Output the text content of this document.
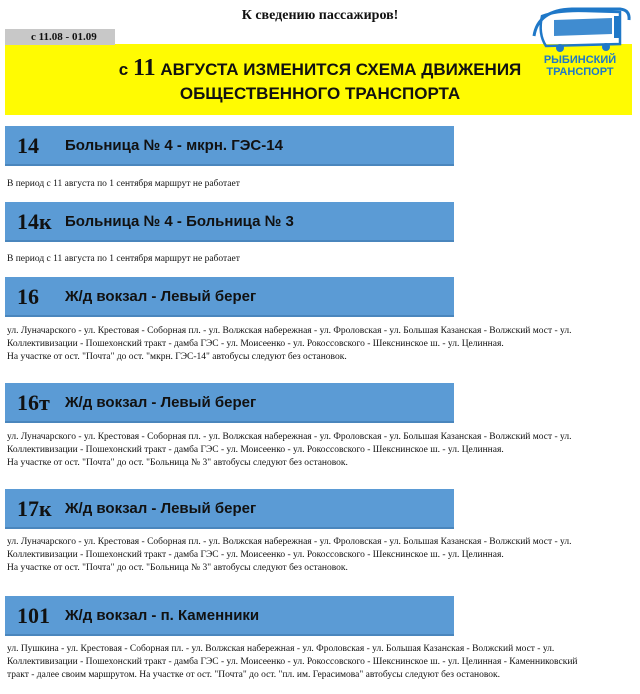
К сведению пассажиров!
с 11.08 - 01.09
с 11 АВГУСТА ИЗМЕНИТСЯ СХЕМА ДВИЖЕНИЯ
ОБЩЕСТВЕННОГО ТРАНСПОРТА
РЫБИНСКИЙ
ТРАНСПОРТ
14 Больница № 4 - мкрн. ГЭС-14
В период с 11 августа по 1 сентября маршрут не работает
14к Больница № 4 - Больница № 3
В период с 11 августа по 1 сентября маршрут не работает
16 Ж/д вокзал - Левый берег
ул. Луначарского - ул. Крестовая - Соборная пл. - ул. Волжская набережная - ул. Фроловская - ул. Большая Казанская - Волжский мост - ул.
Коллективизации - Пошехонский тракт - дамба ГЭС - ул. Моисеенко - ул. Рокоссовского - Шекснинское ш. - ул. Целинная.
На участке от ост. "Почта" до ост. "мкрн. ГЭС-14" автобусы следуют без остановок.
16т Ж/д вокзал - Левый берег
ул. Луначарского - ул. Крестовая - Соборная пл. - ул. Волжская набережная - ул. Фроловская - ул. Большая Казанская - Волжский мост - ул.
Коллективизации - Пошехонский тракт - дамба ГЭС - ул. Моисеенко - ул. Рокоссовского - Шекснинское ш. - ул. Целинная.
На участке от ост. "Почта" до ост. "Больница № 3" автобусы следуют без остановок.
17к Ж/д вокзал - Левый берег
ул. Луначарского - ул. Крестовая - Соборная пл. - ул. Волжская набережная - ул. Фроловская - ул. Большая Казанская - Волжский мост - ул.
Коллективизации - Пошехонский тракт - дамба ГЭС - ул. Моисеенко - ул. Рокоссовского - Шекснинское ш. - ул. Целинная.
На участке от ост. "Почта" до ост. "Больница № 3" автобусы следуют без остановок.
101 Ж/д вокзал - п. Каменники
ул. Пушкина - ул. Крестовая - Соборная пл. - ул. Волжская набережная - ул. Фроловская - ул. Большая Казанская - Волжский мост - ул.
Коллективизации - Пошехонский тракт - дамба ГЭС - ул. Моисеенко - ул. Рокоссовского - Шекснинское ш. - ул. Целинная - Каменниковский
тракт - далее своим маршрутом. На участке от ост. "Почта" до ост. "пл. им. Герасимова" автобусы следуют без остановок.
